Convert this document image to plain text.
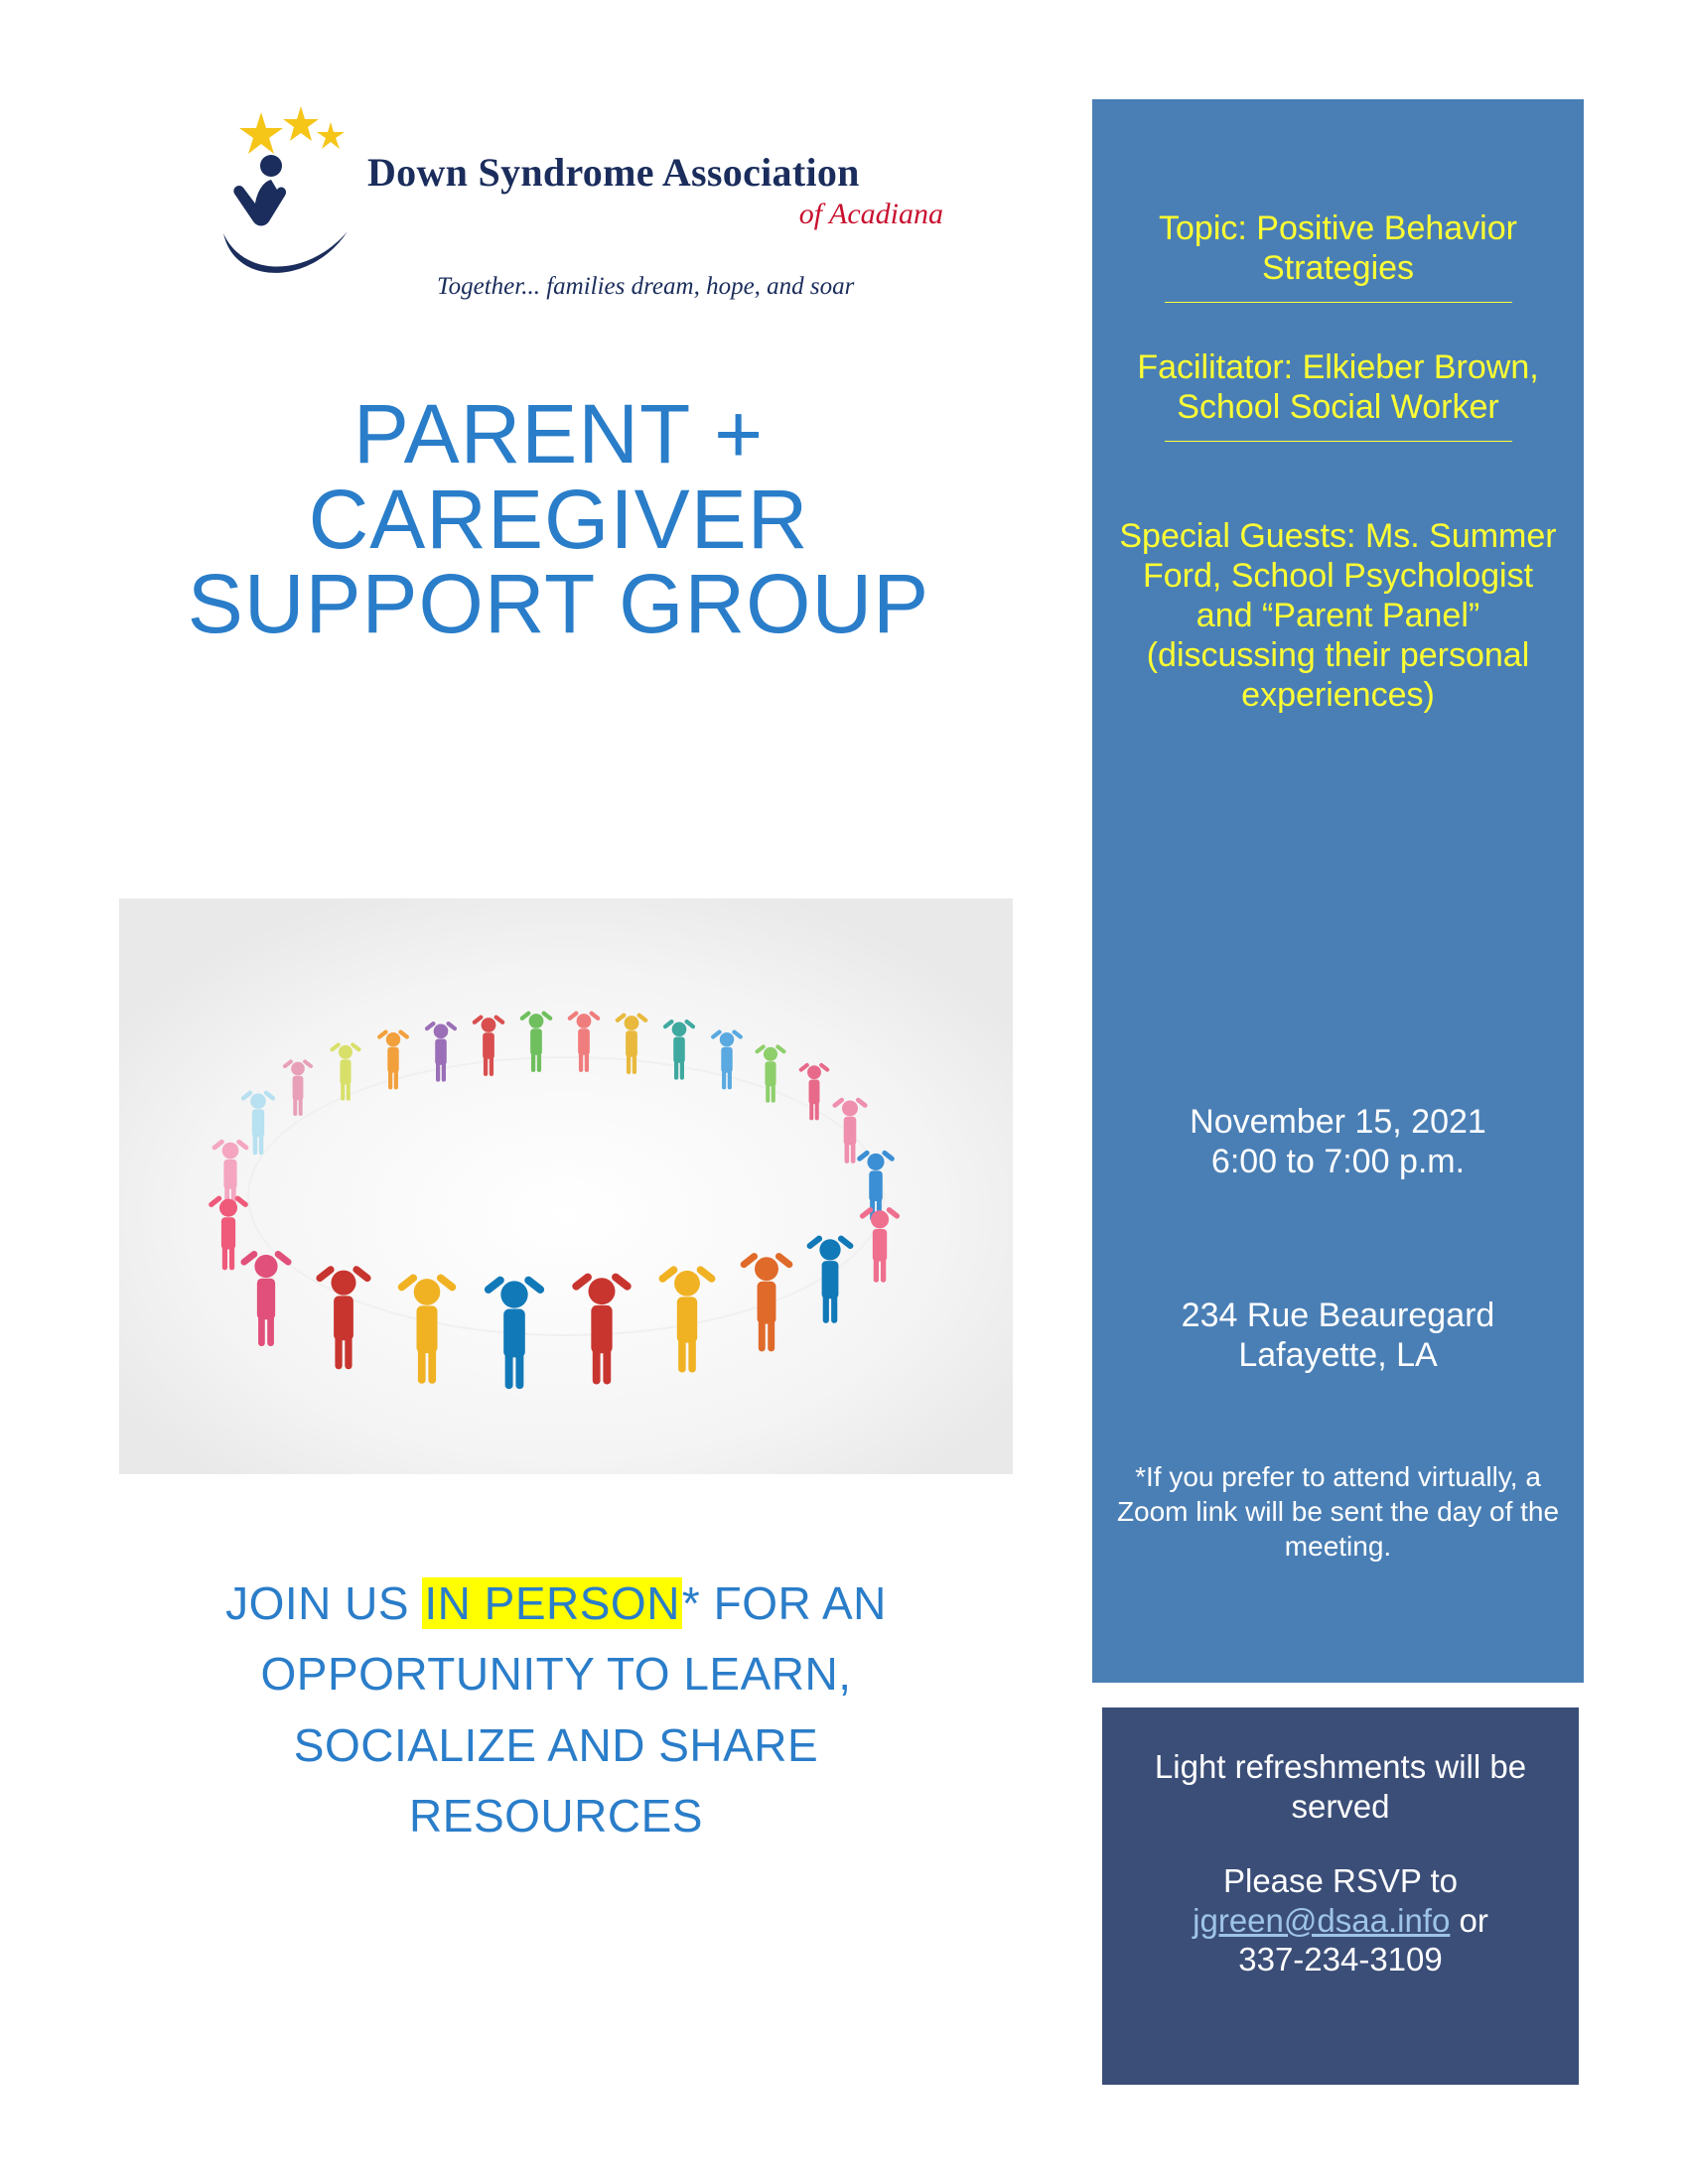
Down Syndrome Association
of Acadiana
Together... families dream, hope, and soar
PARENT +
CAREGIVER
SUPPORT GROUP
JOIN US IN PERSON* FOR AN
OPPORTUNITY TO LEARN,
SOCIALIZE AND SHARE
RESOURCES
Topic: Positive Behavior Strategies
Facilitator: Elkieber Brown, School Social Worker
Special Guests: Ms. Summer Ford, School Psychologist and “Parent Panel” (discussing their personal experiences)
November 15, 2021
6:00 to 7:00 p.m.
234 Rue Beauregard
Lafayette, LA
*If you prefer to attend virtually, a Zoom link will be sent the day of the meeting.
Light refreshments will be served
Please RSVP to
jgreen@dsaa.info or
337-234-3109
